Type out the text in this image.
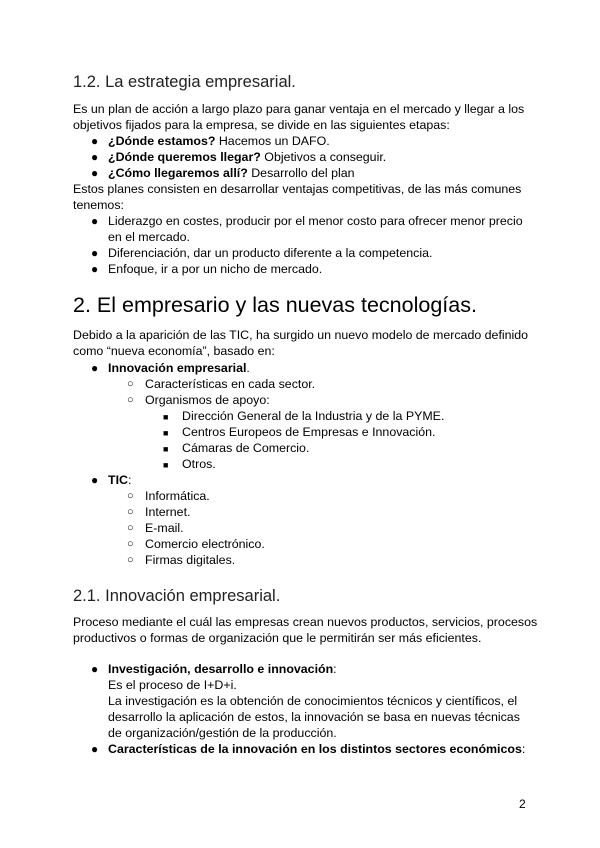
1.2. La estrategia empresarial.
Es un plan de acción a largo plazo para ganar ventaja en el mercado y llegar a los
objetivos fijados para la empresa, se divide en las siguientes etapas:
● ¿Dónde estamos? Hacemos un DAFO.
● ¿Dónde queremos llegar? Objetivos a conseguir.
● ¿Cómo llegaremos allí? Desarrollo del plan
Estos planes consisten en desarrollar ventajas competitivas, de las más comunes
tenemos:
● Liderazgo en costes, producir por el menor costo para ofrecer menor precio
en el mercado.
● Diferenciación, dar un producto diferente a la competencia.
● Enfoque, ir a por un nicho de mercado.
2. El empresario y las nuevas tecnologías.
Debido a la aparición de las TIC, ha surgido un nuevo modelo de mercado definido
como “nueva economía”, basado en:
● Innovación empresarial.
○ Características en cada sector.
○ Organismos de apoyo:
■ Dirección General de la Industria y de la PYME.
■ Centros Europeos de Empresas e Innovación.
■ Cámaras de Comercio.
■ Otros.
● TIC:
○ Informática.
○ Internet.
○ E-mail.
○ Comercio electrónico.
○ Firmas digitales.
2.1. Innovación empresarial.
Proceso mediante el cuál las empresas crean nuevos productos, servicios, procesos
productivos o formas de organización que le permitirán ser más eficientes.
● Investigación, desarrollo e innovación:
Es el proceso de I+D+i.
La investigación es la obtención de conocimientos técnicos y científicos, el
desarrollo la aplicación de estos, la innovación se basa en nuevas técnicas
de organización/gestión de la producción.
● Características de la innovación en los distintos sectores económicos:
2
